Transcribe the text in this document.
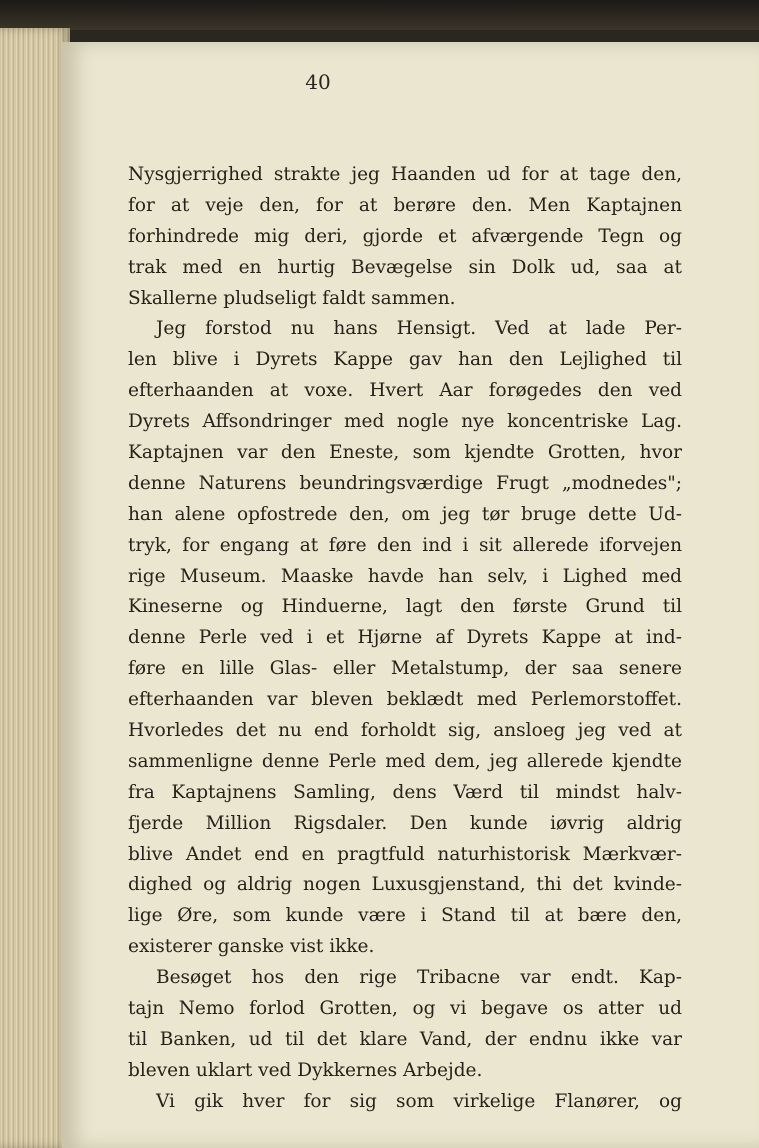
40
Nysgjerrighed strakte jeg Haanden ud for at tage den,
for at veje den, for at berøre den. Men Kaptajnen
forhindrede mig deri, gjorde et afværgende Tegn og
trak med en hurtig Bevægelse sin Dolk ud, saa at
Skallerne pludseligt faldt sammen.
Jeg forstod nu hans Hensigt. Ved at lade Per-
len blive i Dyrets Kappe gav han den Lejlighed til
efterhaanden at voxe. Hvert Aar forøgedes den ved
Dyrets Affsondringer med nogle nye koncentriske Lag.
Kaptajnen var den Eneste, som kjendte Grotten, hvor
denne Naturens beundringsværdige Frugt „modnedes";
han alene opfostrede den, om jeg tør bruge dette Ud-
tryk, for engang at føre den ind i sit allerede iforvejen
rige Museum. Maaske havde han selv, i Lighed med
Kineserne og Hinduerne, lagt den første Grund til
denne Perle ved i et Hjørne af Dyrets Kappe at ind-
føre en lille Glas- eller Metalstump, der saa senere
efterhaanden var bleven beklædt med Perlemorstoffet.
Hvorledes det nu end forholdt sig, ansloeg jeg ved at
sammenligne denne Perle med dem, jeg allerede kjendte
fra Kaptajnens Samling, dens Værd til mindst halv-
fjerde Million Rigsdaler. Den kunde iøvrig aldrig
blive Andet end en pragtfuld naturhistorisk Mærkvær-
dighed og aldrig nogen Luxusgjenstand, thi det kvinde-
lige Øre, som kunde være i Stand til at bære den,
existerer ganske vist ikke.
Besøget hos den rige Tribacne var endt. Kap-
tajn Nemo forlod Grotten, og vi begave os atter ud
til Banken, ud til det klare Vand, der endnu ikke var
bleven uklart ved Dykkernes Arbejde.
Vi gik hver for sig som virkelige Flanører, og
